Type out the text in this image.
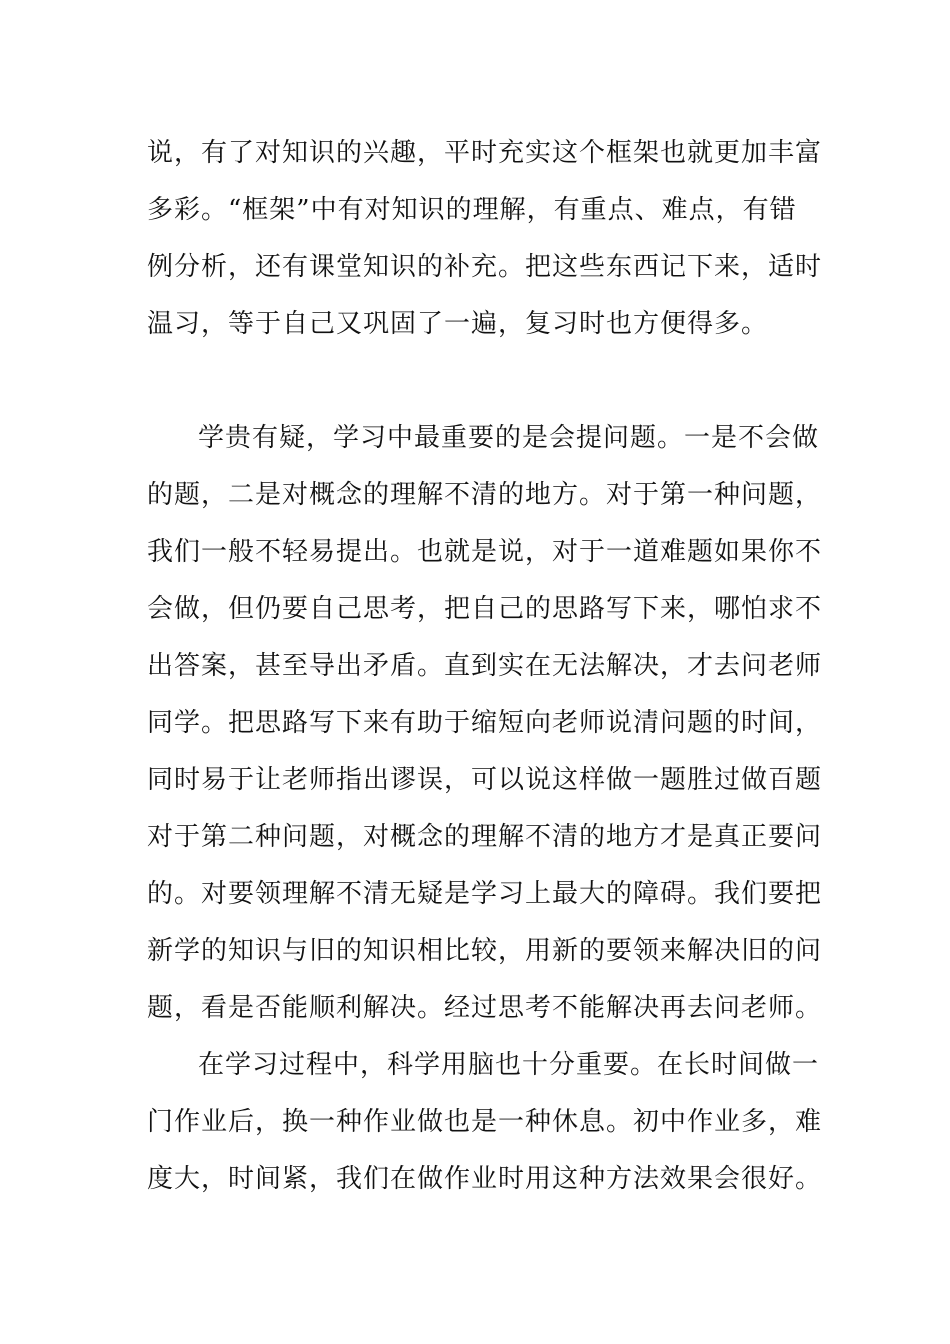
说，有了对知识的兴趣，平时充实这个框架也就更加丰富
多彩。“框架”中有对知识的理解，有重点、难点，有错
例分析，还有课堂知识的补充。把这些东西记下来，适时
温习，等于自己又巩固了一遍，复习时也方便得多。
学贵有疑，学习中最重要的是会提问题。一是不会做
的题，二是对概念的理解不清的地方。对于第一种问题，
我们一般不轻易提出。也就是说，对于一道难题如果你不
会做，但仍要自己思考，把自己的思路写下来，哪怕求不
出答案，甚至导出矛盾。直到实在无法解决，才去问老师
同学。把思路写下来有助于缩短向老师说清问题的时间，
同时易于让老师指出谬误，可以说这样做一题胜过做百题
对于第二种问题，对概念的理解不清的地方才是真正要问
的。对要领理解不清无疑是学习上最大的障碍。我们要把
新学的知识与旧的知识相比较，用新的要领来解决旧的问
题，看是否能顺利解决。经过思考不能解决再去问老师。
在学习过程中，科学用脑也十分重要。在长时间做一
门作业后，换一种作业做也是一种休息。初中作业多，难
度大，时间紧，我们在做作业时用这种方法效果会很好。
